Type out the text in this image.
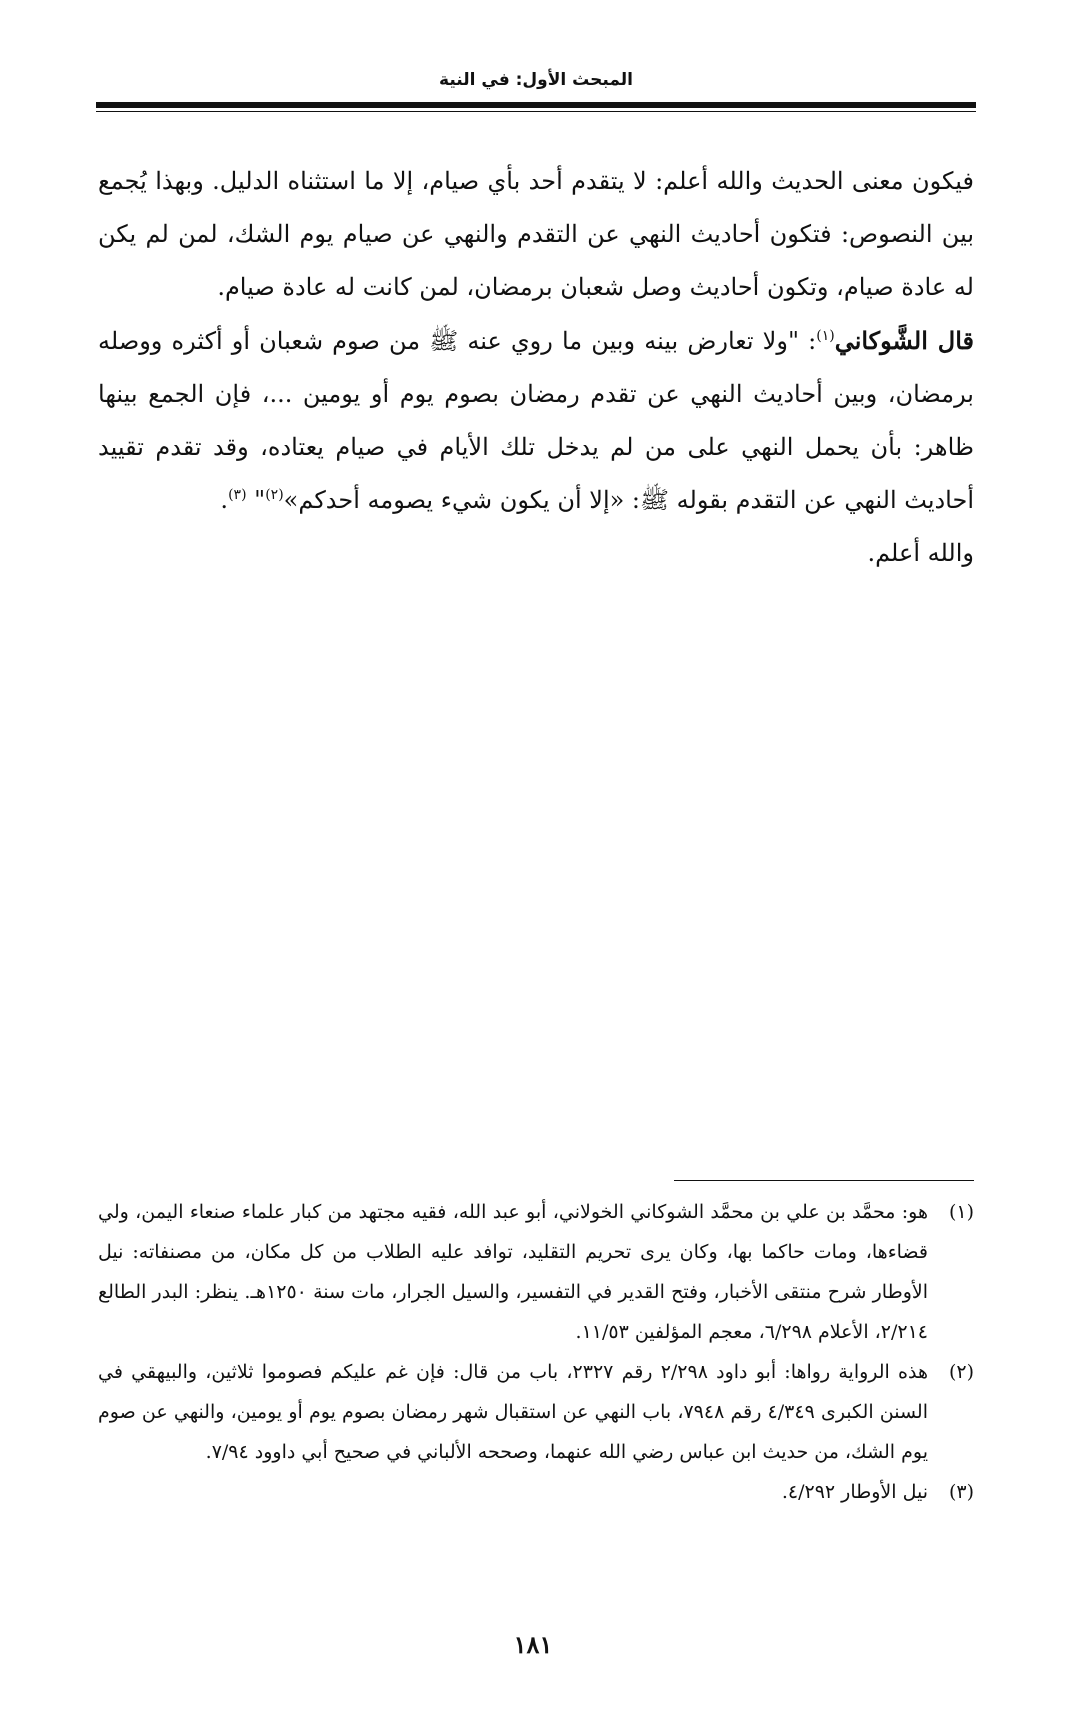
المبحث الأول: في النية

فيكون معنى الحديث والله أعلم: لا يتقدم أحد بأي صيام، إلا ما استثناه الدليل. وبهذا يُجمع بين النصوص: فتكون أحاديث النهي عن التقدم والنهي عن صيام يوم الشك، لمن لم يكن له عادة صيام، وتكون أحاديث وصل شعبان برمضان، لمن كانت له عادة صيام.

قال الشَّوكاني$^{(١)}$: "ولا تعارض بينه وبين ما روي عنه ﷺ من صوم شعبان أو أكثره ووصله برمضان، وبين أحاديث النهي عن تقدم رمضان بصوم يوم أو يومين ...، فإن الجمع بينها ظاهر: بأن يحمل النهي على من لم يدخل تلك الأيام في صيام يعتاده، وقد تقدم تقييد أحاديث النهي عن التقدم بقوله ﷺ: «إلا أن يكون شيء يصومه أحدكم»$^{(٢)}$" $^{(٣)}$.

والله أعلم.

(١)
هو: محمَّد بن علي بن محمَّد الشوكاني الخولاني، أبو عبد الله، فقيه مجتهد من كبار علماء صنعاء اليمن، ولي قضاءها، ومات حاكما بها، وكان يرى تحريم التقليد، توافد عليه الطلاب من كل مكان، من مصنفاته: نيل الأوطار شرح منتقى الأخبار، وفتح القدير في التفسير، والسيل الجرار، مات سنة ١٢٥٠هـ. ينظر: البدر الطالع ٢/٢١٤، الأعلام ٦/٢٩٨، معجم المؤلفين ١١/٥٣.
(٢)
هذه الرواية رواها: أبو داود ٢/٢٩٨ رقم ٢٣٢٧، باب من قال: فإن غم عليكم فصوموا ثلاثين، والبيهقي في السنن الكبرى ٤/٣٤٩ رقم ٧٩٤٨، باب النهي عن استقبال شهر رمضان بصوم يوم أو يومين، والنهي عن صوم يوم الشك، من حديث ابن عباس رضي الله عنهما، وصححه الألباني في صحيح أبي داوود ٧/٩٤.
(٣)
نيل الأوطار ٤/٢٩٢.
١٨١
